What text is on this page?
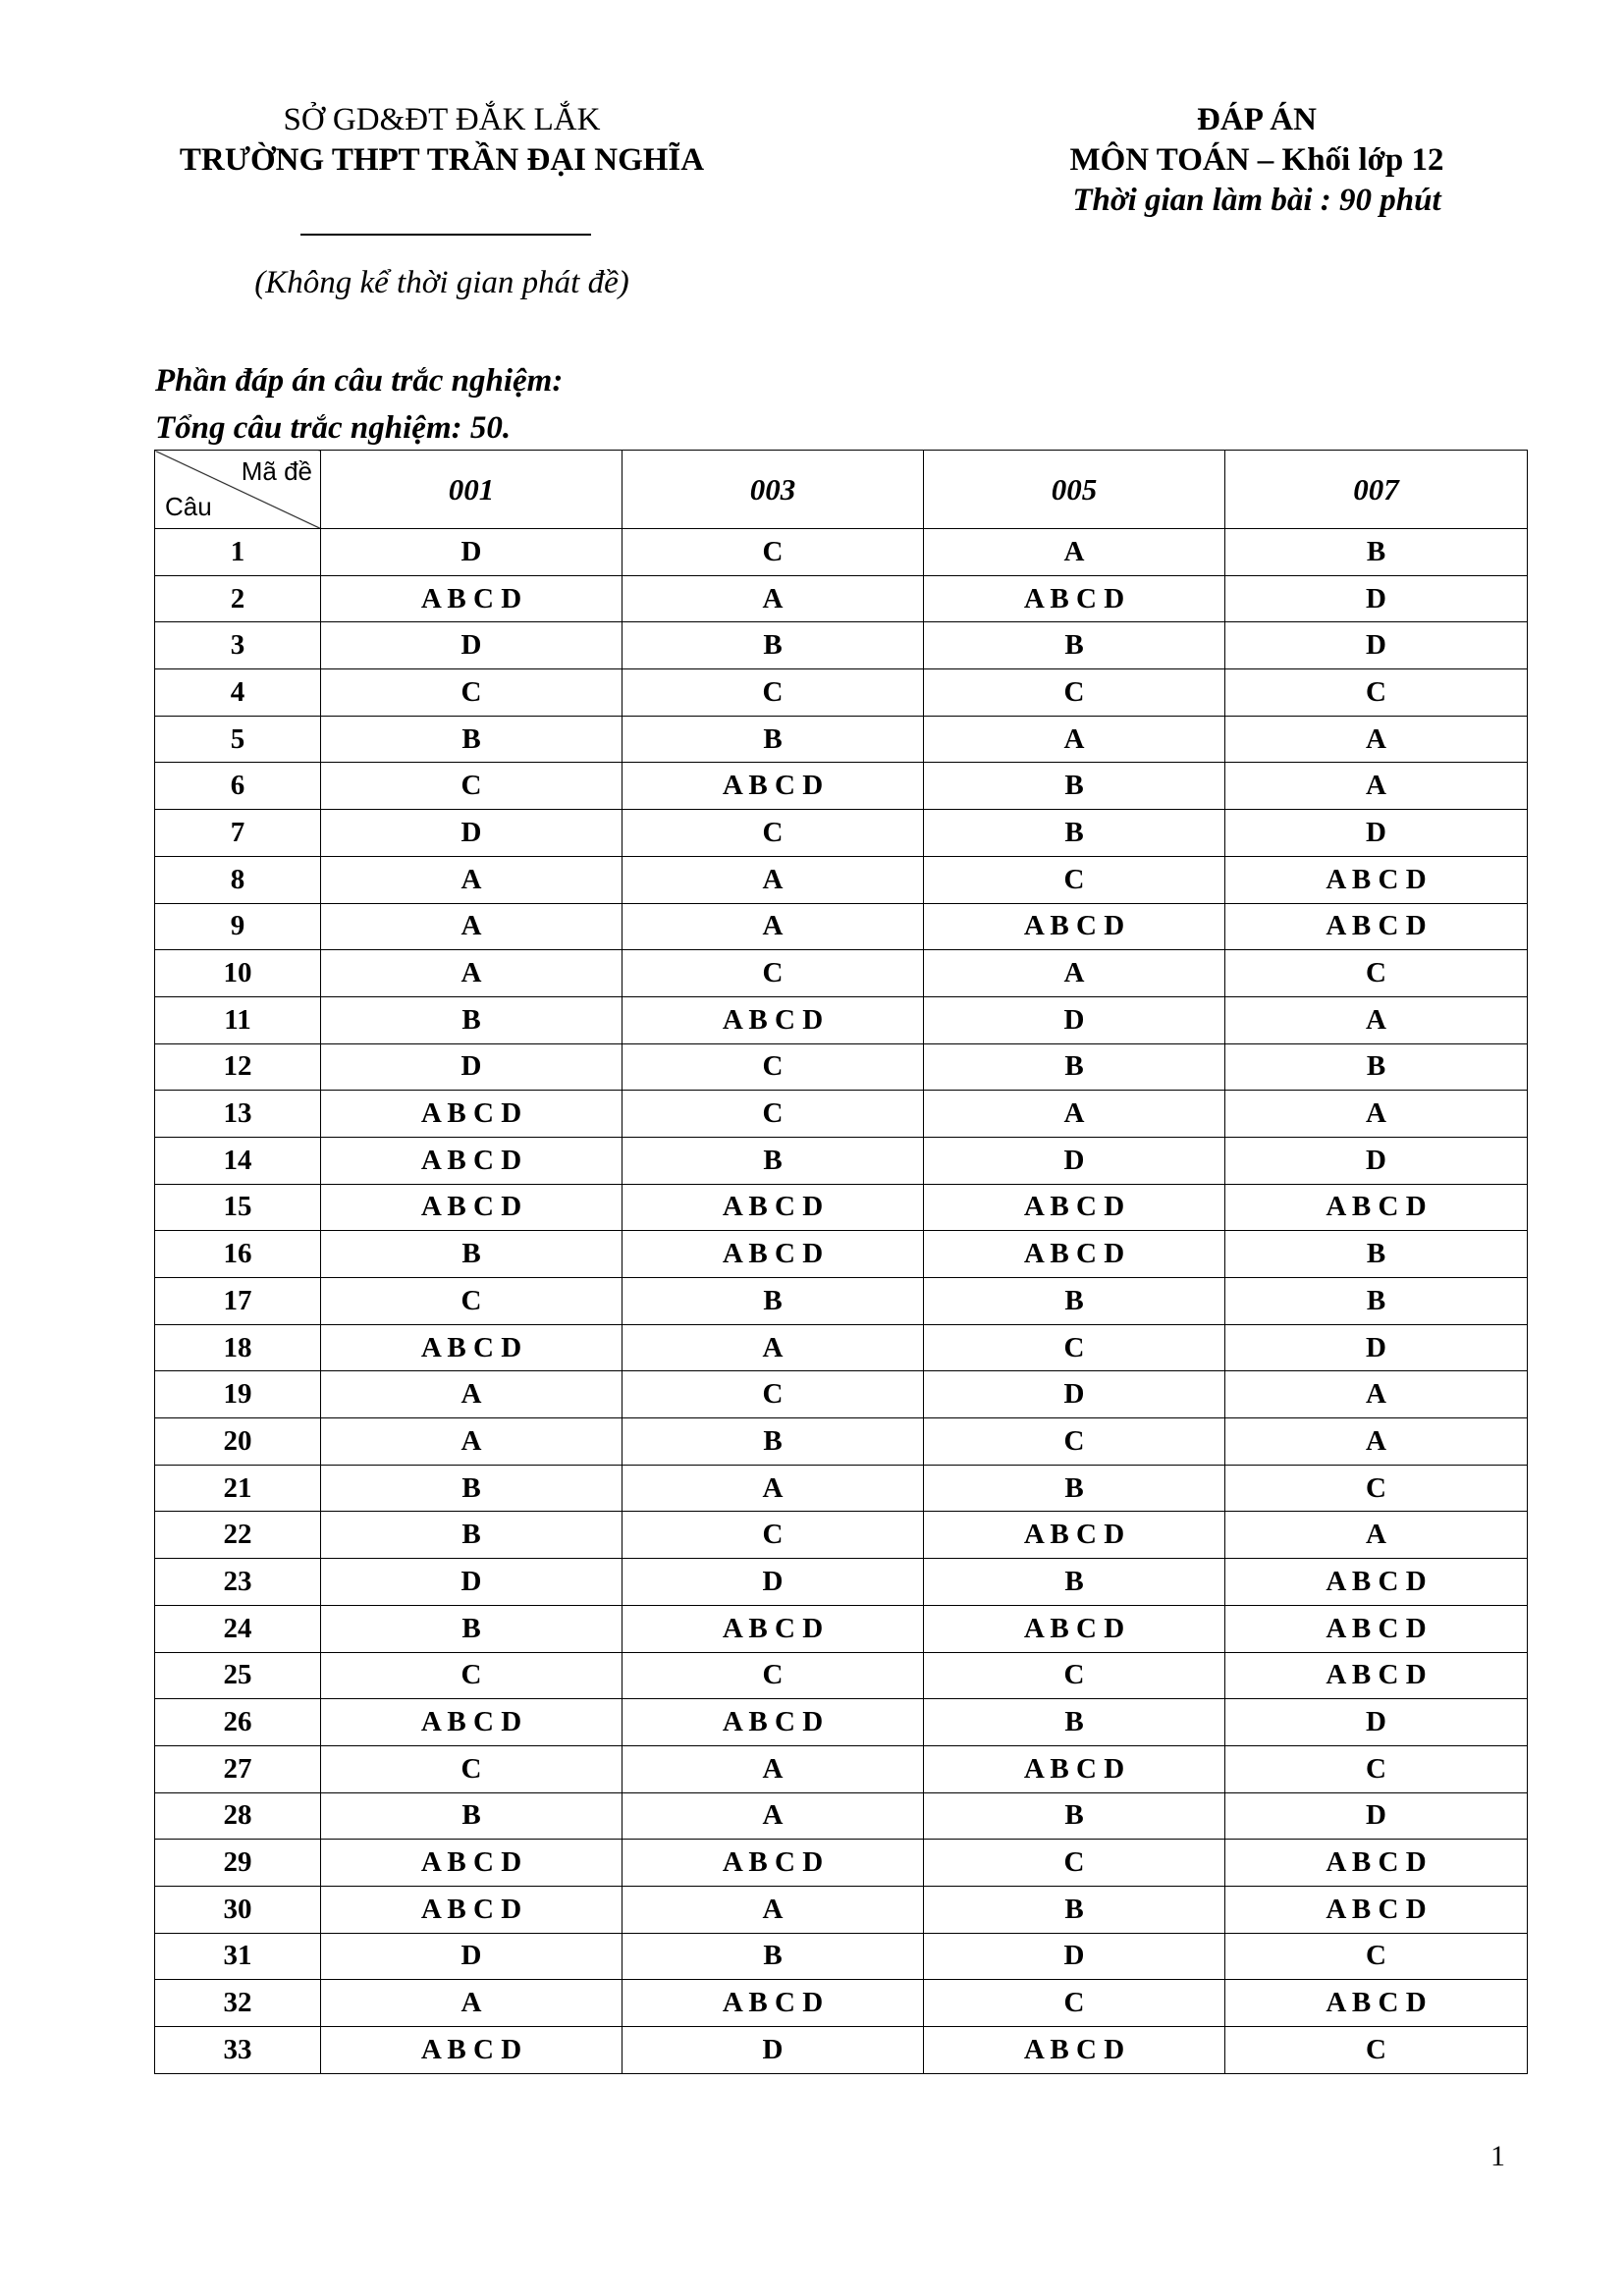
SỞ GD&ĐT ĐẮK LẮK
TRƯỜNG THPT TRẦN ĐẠI NGHĨA
ĐÁP ÁN
MÔN TOÁN – Khối lớp 12
Thời gian làm bài : 90 phút
(Không kể thời gian phát đề)
Phần đáp án câu trắc nghiệm:
Tổng câu trắc nghiệm: 50.
Mã đề
Câu	001	003	005	007
1	D	C	A	B
2	A B C D	A	A B C D	D
3	D	B	B	D
4	C	C	C	C
5	B	B	A	A
6	C	A B C D	B	A
7	D	C	B	D
8	A	A	C	A B C D
9	A	A	A B C D	A B C D
10	A	C	A	C
11	B	A B C D	D	A
12	D	C	B	B
13	A B C D	C	A	A
14	A B C D	B	D	D
15	A B C D	A B C D	A B C D	A B C D
16	B	A B C D	A B C D	B
17	C	B	B	B
18	A B C D	A	C	D
19	A	C	D	A
20	A	B	C	A
21	B	A	B	C
22	B	C	A B C D	A
23	D	D	B	A B C D
24	B	A B C D	A B C D	A B C D
25	C	C	C	A B C D
26	A B C D	A B C D	B	D
27	C	A	A B C D	C
28	B	A	B	D
29	A B C D	A B C D	C	A B C D
30	A B C D	A	B	A B C D
31	D	B	D	C
32	A	A B C D	C	A B C D
33	A B C D	D	A B C D	C
1
